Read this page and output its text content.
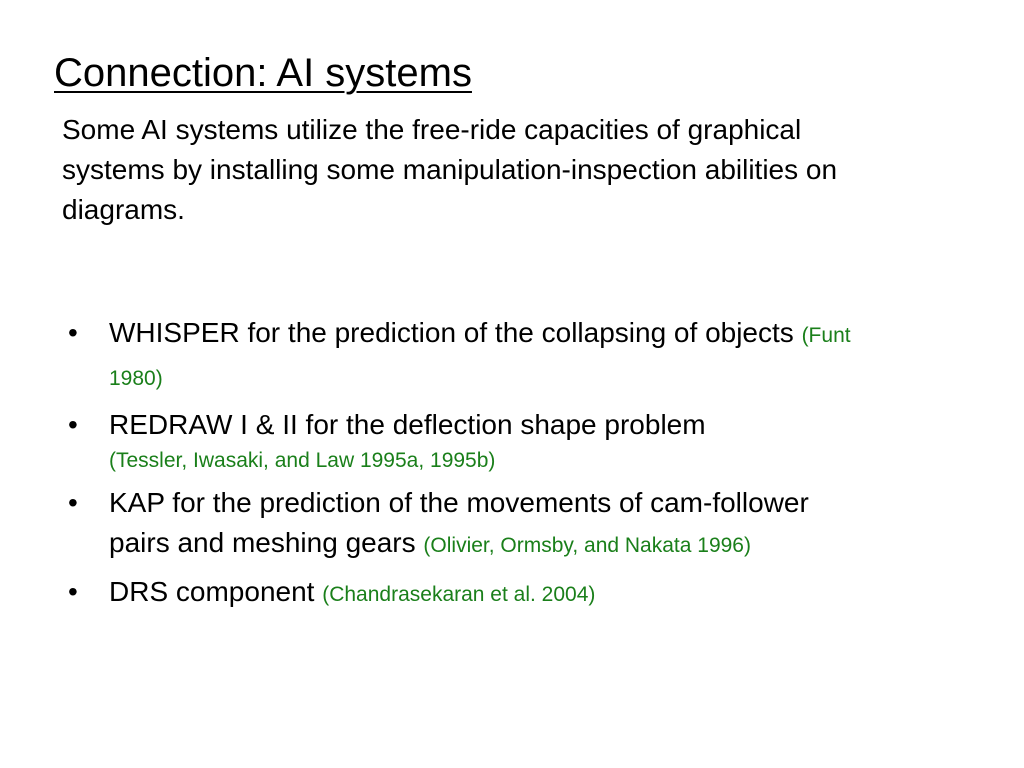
Connection: AI systems

Some AI systems utilize the free-ride capacities of graphical systems by installing some manipulation-inspection abilities on diagrams.

•	WHISPER for the prediction of the collapsing of objects (Funt 1980)
•	REDRAW I & II for the deflection shape problem
(Tessler, Iwasaki, and Law 1995a, 1995b)
•	KAP for the prediction of the movements of cam-follower pairs and meshing gears (Olivier, Ormsby, and Nakata 1996)
•	DRS component (Chandrasekaran et al. 2004)
